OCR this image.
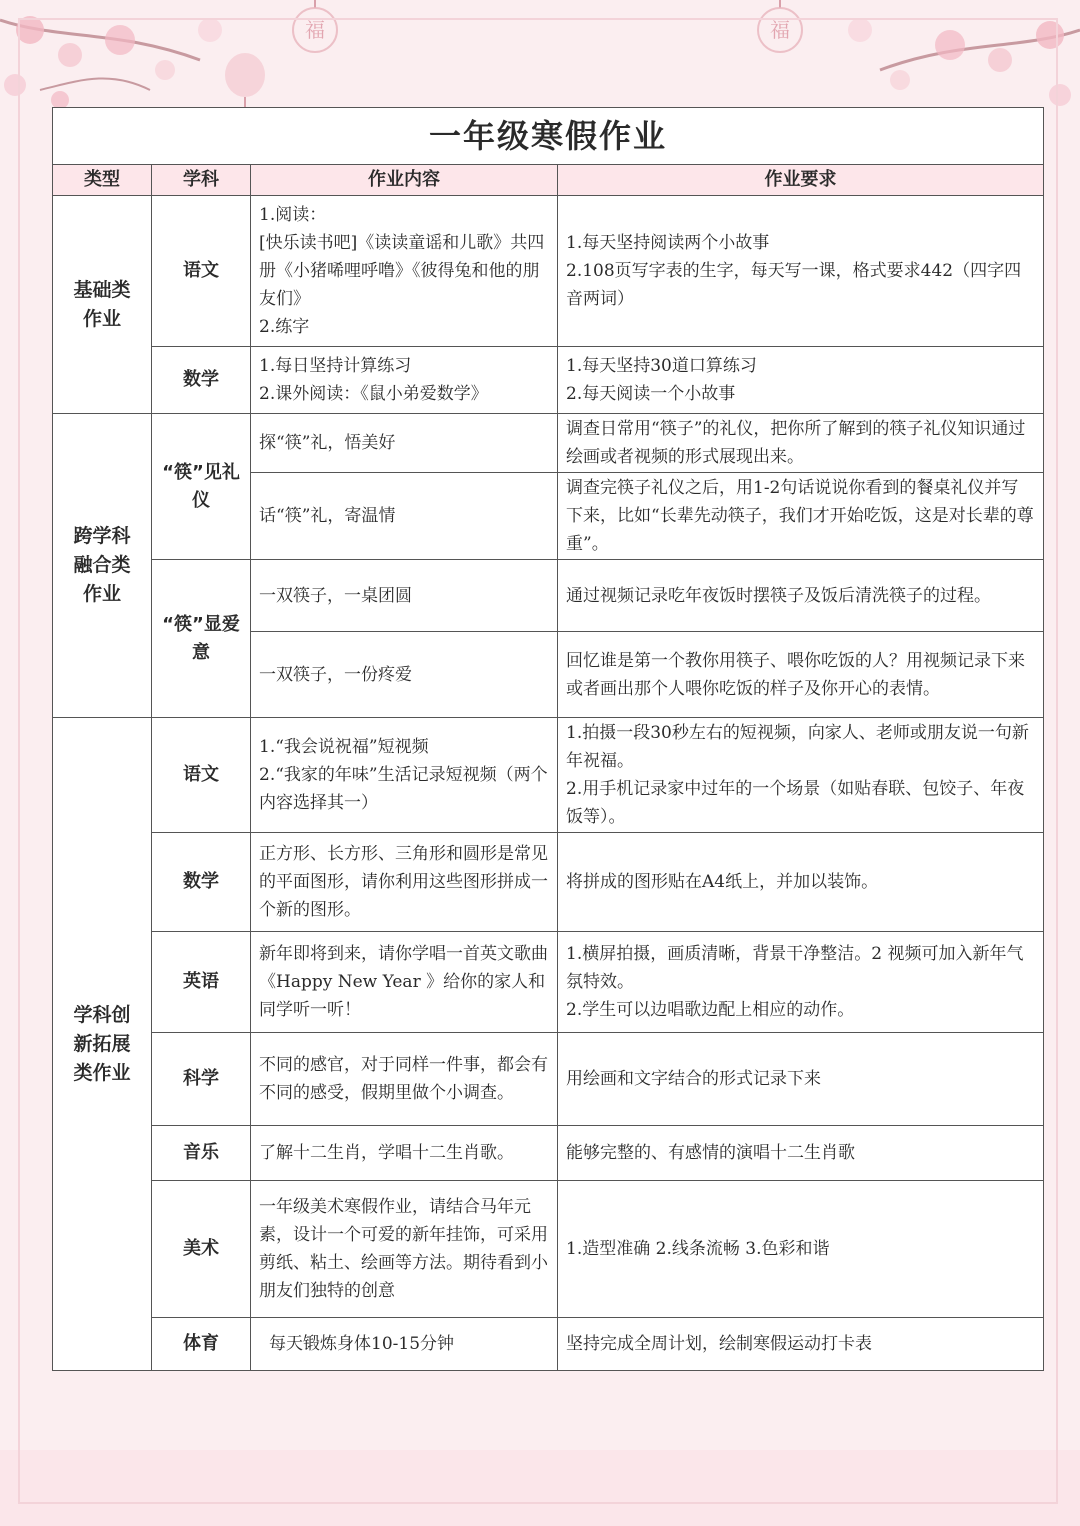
福	福
一年级寒假作业			
类型	学科	作业内容	作业要求
基础类作业	语文	1.阅读：
[快乐读书吧]《读读童谣和儿歌》共四册《小猪唏哩呼噜》《彼得兔和他的朋友们》
2.练字	1.每天坚持阅读两个小故事
2.108页写字表的生字，每天写一课，格式要求442（四字四音两词）

	数学	1.每日坚持计算练习
2.课外阅读：《鼠小弟爱数学》	1.每天坚持30道口算练习
2.每天阅读一个小故事

跨学科融合类作业	“筷”见礼仪	探“筷”礼，悟美好	调查日常用“筷子”的礼仪，把你所了解到的筷子礼仪知识通过绘画或者视频的形式展现出来。
		话“筷”礼，寄温情	调查完筷子礼仪之后，用1-2句话说说你看到的餐桌礼仪并写下来，比如“长辈先动筷子，我们才开始吃饭，这是对长辈的尊重”。
	“筷”显爱意	一双筷子，一桌团圆	通过视频记录吃年夜饭时摆筷子及饭后清洗筷子的过程。
		一双筷子，一份疼爱	回忆谁是第一个教你用筷子、喂你吃饭的人？用视频记录下来或者画出那个人喂你吃饭的样子及你开心的表情。
学科创新拓展类作业	语文	1.“我会说祝福”短视频
2.“我家的年味”生活记录短视频（两个内容选择其一）	1.拍摄一段30秒左右的短视频，向家人、老师或朋友说一句新年祝福。
2.用手机记录家中过年的一个场景（如贴春联、包饺子、年夜饭等）。

	数学	正方形、长方形、三角形和圆形是常见的平面图形，请你利用这些图形拼成一个新的图形。	将拼成的图形贴在A4纸上，并加以装饰。
	英语	新年即将到来，请你学唱一首英文歌曲《Happy New Year 》给你的家人和同学听一听！	1.横屏拍摄，画质清晰，背景干净整洁。2 视频可加入新年气氛特效。
2.学生可以边唱歌边配上相应的动作。

	科学	不同的感官，对于同样一件事，都会有不同的感受，假期里做个小调查。	用绘画和文字结合的形式记录下来
	音乐	了解十二生肖，学唱十二生肖歌。	能够完整的、有感情的演唱十二生肖歌
	美术	一年级美术寒假作业，请结合马年元素，设计一个可爱的新年挂饰，可采用剪纸、粘土、绘画等方法。期待看到小朋友们独特的创意	1.造型准确 2.线条流畅 3.色彩和谐
	体育	每天锻炼身体10-15分钟	坚持完成全周计划，绘制寒假运动打卡表
